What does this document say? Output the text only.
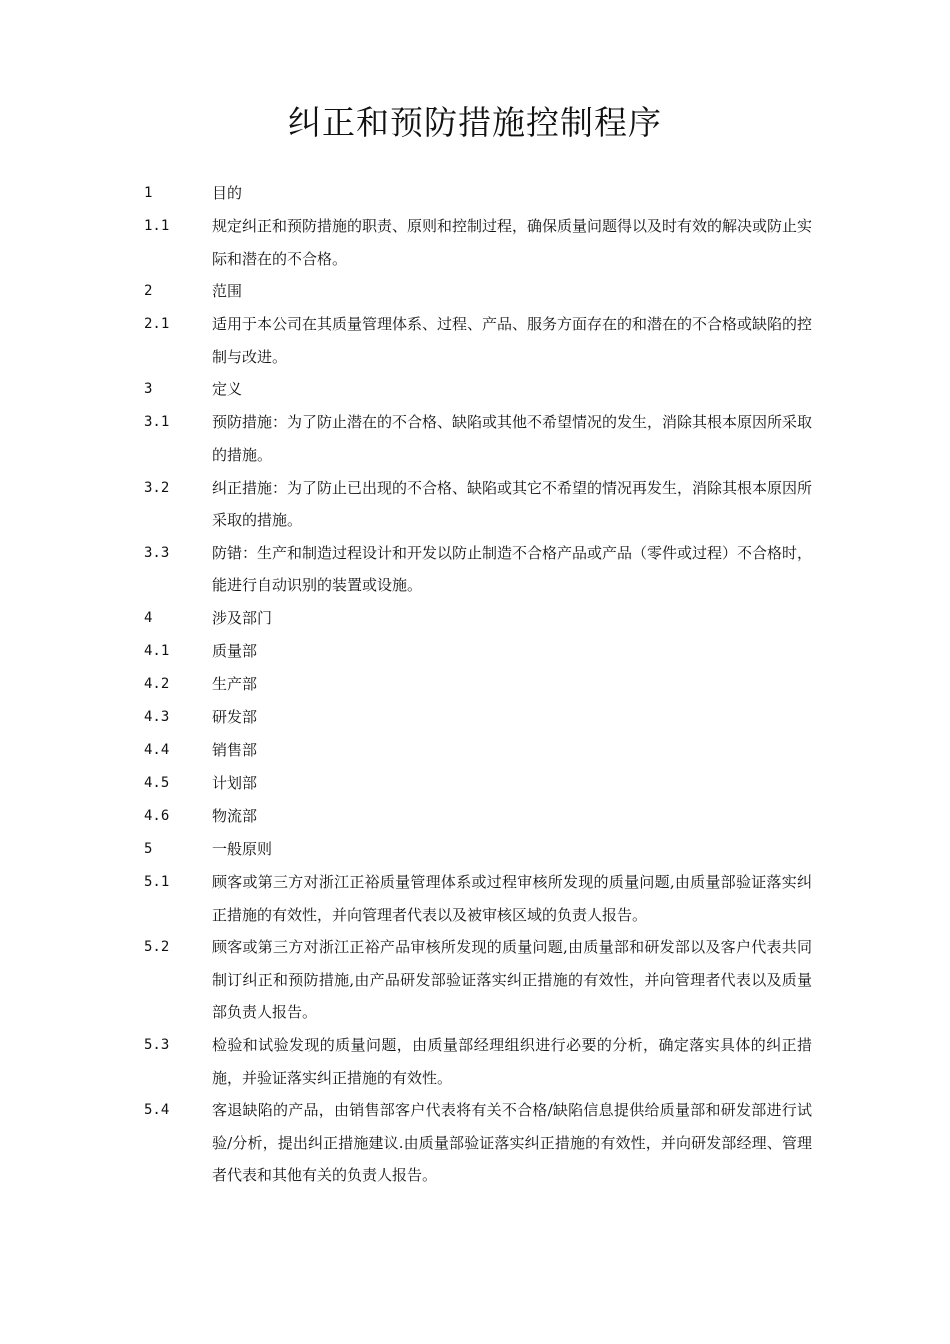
纠正和预防措施控制程序
1	目的
1.1	规定纠正和预防措施的职责、原则和控制过程，确保质量问题得以及时有效的解决或防止实际和潜在的不合格。
2	范围
2.1	适用于本公司在其质量管理体系、过程、产品、服务方面存在的和潜在的不合格或缺陷的控制与改进。
3	定义
3.1	预防措施：为了防止潜在的不合格、缺陷或其他不希望情况的发生，消除其根本原因所采取的措施。
3.2	纠正措施：为了防止已出现的不合格、缺陷或其它不希望的情况再发生，消除其根本原因所采取的措施。
3.3	防错：生产和制造过程设计和开发以防止制造不合格产品或产品（零件或过程）不合格时，能进行自动识别的装置或设施。
4	涉及部门
4.1	质量部
4.2	生产部
4.3	研发部
4.4	销售部
4.5	计划部
4.6	物流部
5	一般原则
5.1	顾客或第三方对浙江正裕质量管理体系或过程审核所发现的质量问题,由质量部验证落实纠正措施的有效性，并向管理者代表以及被审核区域的负责人报告。
5.2	顾客或第三方对浙江正裕产品审核所发现的质量问题,由质量部和研发部以及客户代表共同制订纠正和预防措施,由产品研发部验证落实纠正措施的有效性，并向管理者代表以及质量部负责人报告。
5.3	检验和试验发现的质量问题，由质量部经理组织进行必要的分析，确定落实具体的纠正措施，并验证落实纠正措施的有效性。
5.4	客退缺陷的产品，由销售部客户代表将有关不合格/缺陷信息提供给质量部和研发部进行试验/分析，提出纠正措施建议.由质量部验证落实纠正措施的有效性，并向研发部经理、管理者代表和其他有关的负责人报告。
